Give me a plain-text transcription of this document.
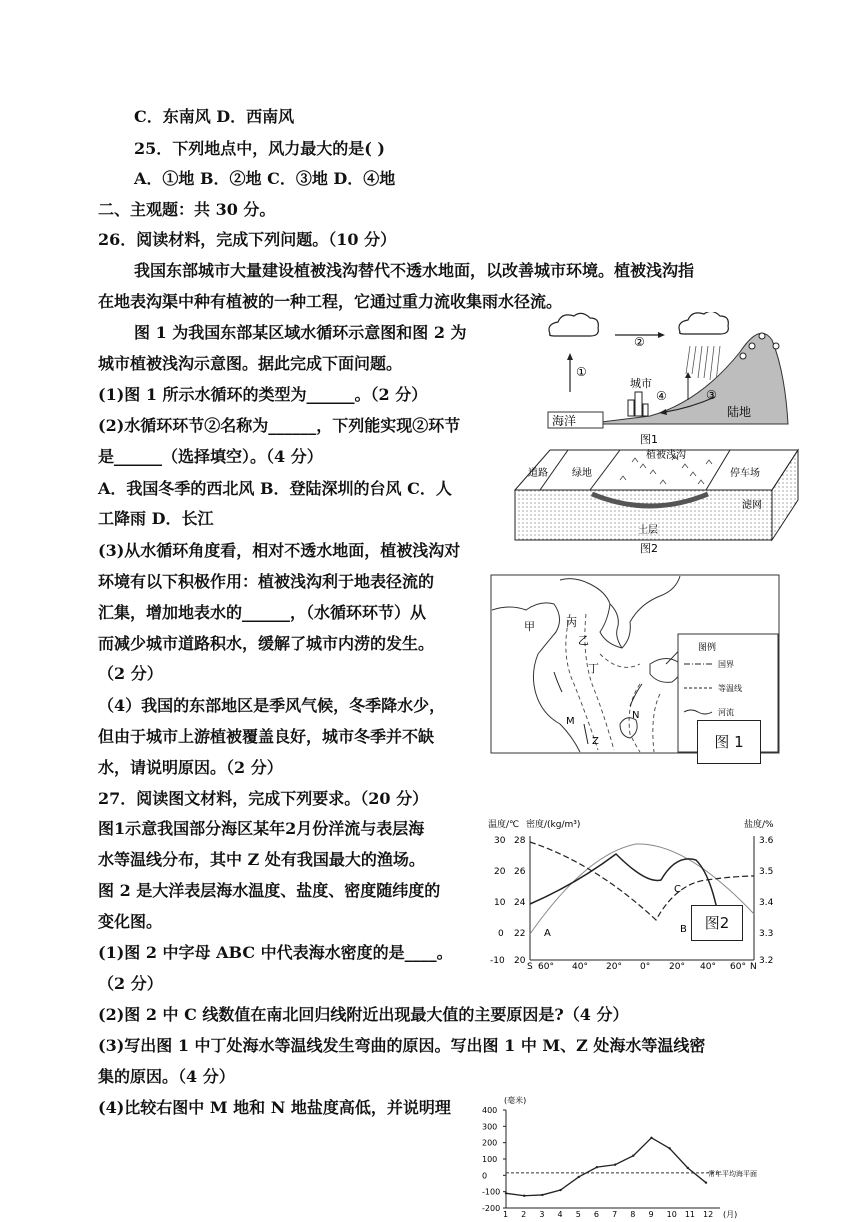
C．东南风 D．西南风
25．下列地点中，风力最大的是( )
A．①地 B．②地 C．③地 D．④地
二、主观题：共 30 分。
26．阅读材料，完成下列问题。（10 分）
我国东部城市大量建设植被浅沟替代不透水地面，以改善城市环境。植被浅沟指
在地表沟渠中种有植被的一种工程，它通过重力流收集雨水径流。
图 1 为我国东部某区域水循环示意图和图 2 为
城市植被浅沟示意图。据此完成下面问题。
(1)图 1 所示水循环的类型为______。（2 分）
(2)水循环环节②名称为______，下列能实现②环节
是______（选择填空）。（4 分）
A．我国冬季的西北风 B．登陆深圳的台风 C．人
工降雨 D．长江
(3)从水循环角度看，相对不透水地面，植被浅沟对
环境有以下积极作用：植被浅沟利于地表径流的
汇集，增加地表水的______，（水循环环节）从
而减少城市道路积水，缓解了城市内涝的发生。
（2 分）
（4）我国的东部地区是季风气候，冬季降水少，
但由于城市上游植被覆盖良好，城市冬季并不缺
水，请说明原因。（2 分）
27．阅读图文材料，完成下列要求。（20 分）
图1示意我国部分海区某年2月份洋流与表层海
水等温线分布，其中 Z 处有我国最大的渔场。
图 2 是大洋表层海水温度、盐度、密度随纬度的
变化图。
(1)图 2 中字母 ABC 中代表海水密度的是____。
（2 分）
(2)图 2 中 C 线数值在南北回归线附近出现最大值的主要原因是?（4 分）
(3)写出图 1 中丁处海水等温线发生弯曲的原因。写出图 1 中 M、Z 处海水等温线密
集的原因。（4 分）
(4)比较右图中 M 地和 N 地盐度高低，并说明理
②
①
海洋
城市
④	③
陆地
图1
道路 绿地
植被浅沟
停车场
滤网
土层
图2
甲	丙
乙
丁
M
N
Z
图例
国界
等温线
河流
图 1
温度/℃ 密度/(kg/m³)	盐度/%
30
20
10
0
-10
28
26
24
22
20
3.6
3.5
3.4
3.3
3.2
S 60° 40° 20° 0° 20° 40° 60° N
A	B
C
图2
(毫米)
400
300
200
100
0
-100
-200
1 2 3 4 5 6 7 8 9 10 11 12 (月)
常年平均海平面
